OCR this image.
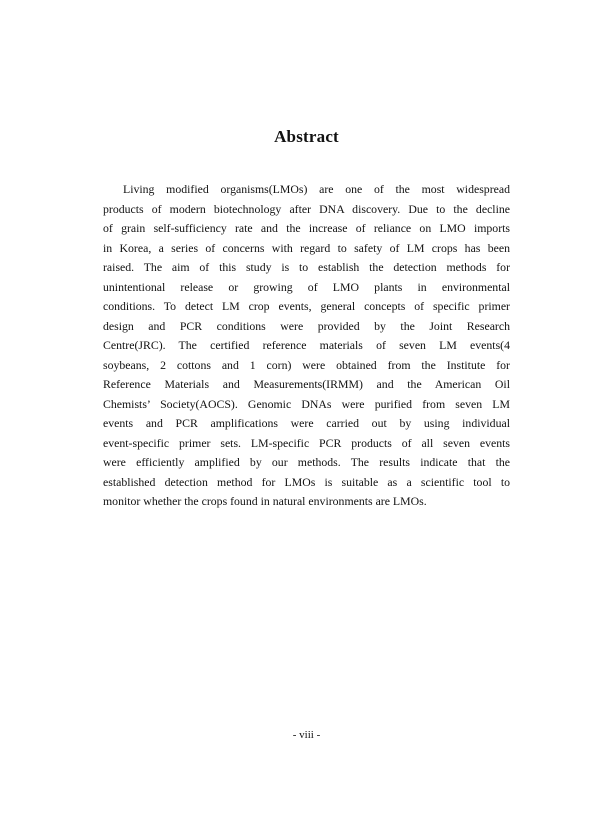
Abstract
Living modified organisms(LMOs) are one of the most widespread
products of modern biotechnology after DNA discovery. Due to the decline
of grain self-sufficiency rate and the increase of reliance on LMO imports
in Korea, a series of concerns with regard to safety of LM crops has been
raised. The aim of this study is to establish the detection methods for
unintentional release or growing of LMO plants in environmental
conditions. To detect LM crop events, general concepts of specific primer
design and PCR conditions were provided by the Joint Research
Centre(JRC). The certified reference materials of seven LM events(4
soybeans, 2 cottons and 1 corn) were obtained from the Institute for
Reference Materials and Measurements(IRMM) and the American Oil
Chemists’ Society(AOCS). Genomic DNAs were purified from seven LM
events and PCR amplifications were carried out by using individual
event-specific primer sets. LM-specific PCR products of all seven events
were efficiently amplified by our methods. The results indicate that the
established detection method for LMOs is suitable as a scientific tool to
monitor whether the crops found in natural environments are LMOs.
- viii -
